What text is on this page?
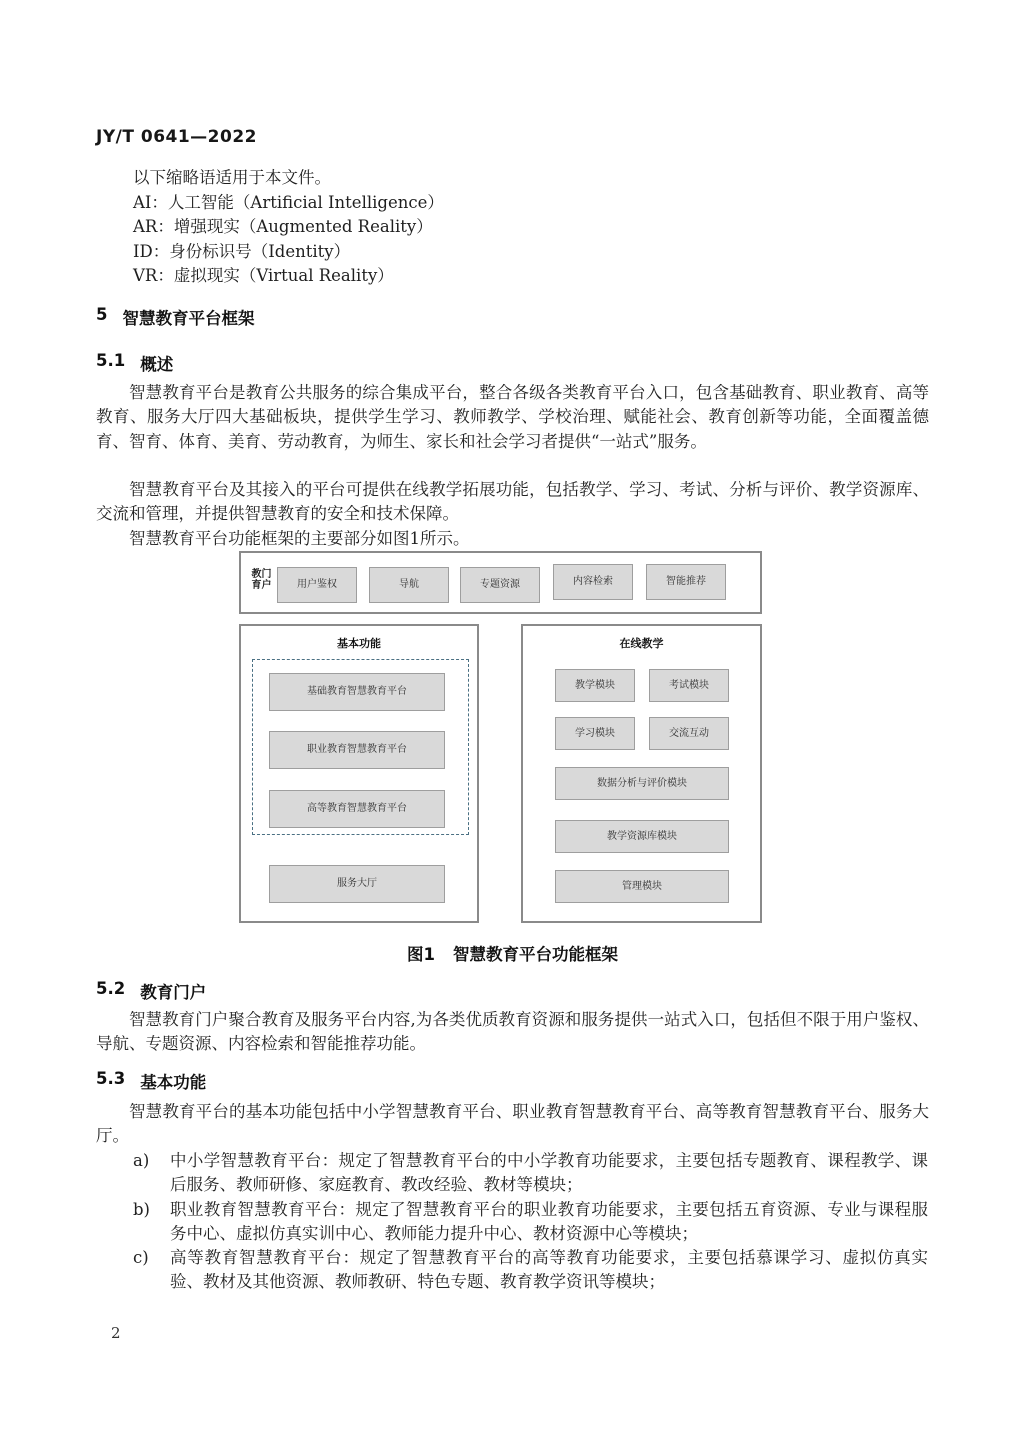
JY/T 0641—2022
以下缩略语适用于本文件。
AI：人工智能（Artificial Intelligence）
AR：增强现实（Augmented Reality）
ID：身份标识号（Identity）
VR：虚拟现实（Virtual Reality）
5 智慧教育平台框架
5.1 概述
智慧教育平台是教育公共服务的综合集成平台，整合各级各类教育平台入口，包含基础教育、职业教育、高等教育、服务大厅四大基础板块，提供学生学习、教师教学、学校治理、赋能社会、教育创新等功能，全面覆盖德育、智育、体育、美育、劳动教育，为师生、家长和社会学习者提供“一站式”服务。
智慧教育平台及其接入的平台可提供在线教学拓展功能，包括教学、学习、考试、分析与评价、教学资源库、交流和管理，并提供智慧教育的安全和技术保障。
智慧教育平台功能框架的主要部分如图1所示。
教育门户	用户鉴权	导航	专题资源	内容检索	智能推荐
基本功能
基础教育智慧教育平台
职业教育智慧教育平台
高等教育智慧教育平台
服务大厅
在线教学
教学模块	考试模块
学习模块	交流互动
数据分析与评价模块
教学资源库模块
管理模块
图1 智慧教育平台功能框架
5.2 教育门户
智慧教育门户聚合教育及服务平台内容,为各类优质教育资源和服务提供一站式入口，包括但不限于用户鉴权、导航、专题资源、内容检索和智能推荐功能。
5.3 基本功能
智慧教育平台的基本功能包括中小学智慧教育平台、职业教育智慧教育平台、高等教育智慧教育平台、服务大厅。
a)	中小学智慧教育平台：规定了智慧教育平台的中小学教育功能要求，主要包括专题教育、课程教学、课后服务、教师研修、家庭教育、教改经验、教材等模块；
b)	职业教育智慧教育平台：规定了智慧教育平台的职业教育功能要求，主要包括五育资源、专业与课程服务中心、虚拟仿真实训中心、教师能力提升中心、教材资源中心等模块；
c)	高等教育智慧教育平台：规定了智慧教育平台的高等教育功能要求，主要包括慕课学习、虚拟仿真实验、教材及其他资源、教师教研、特色专题、教育教学资讯等模块；
2
